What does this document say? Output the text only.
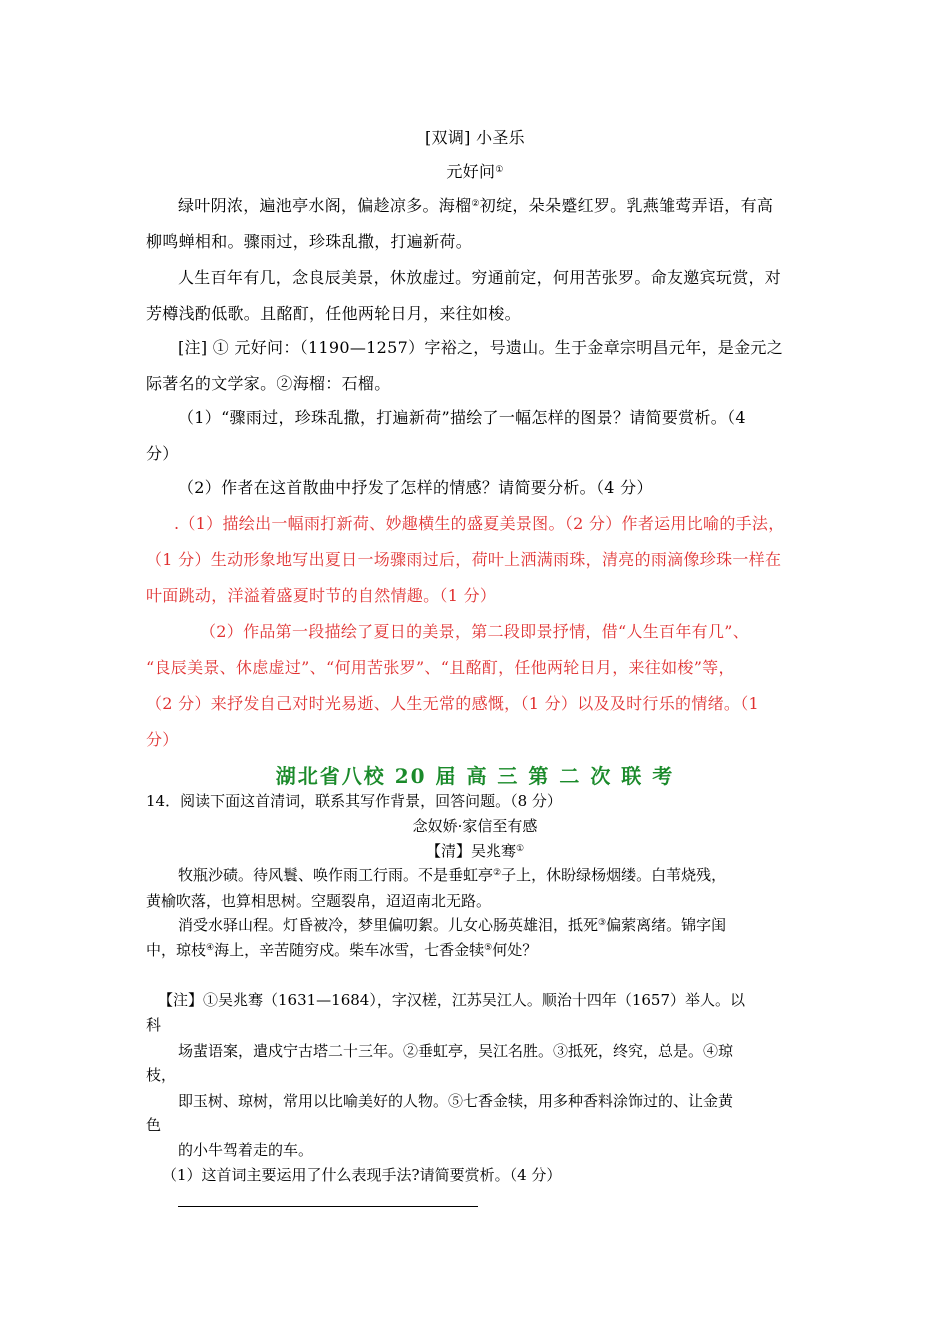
[双调] 小圣乐
元好问①
绿叶阴浓，遍池亭水阁，偏趁凉多。海榴②初绽，朵朵蹙红罗。乳燕雏莺弄语，有高
柳鸣蝉相和。骤雨过，珍珠乱撒，打遍新荷。
人生百年有几，念良辰美景，休放虚过。穷通前定，何用苦张罗。命友邀宾玩赏，对
芳樽浅酌低歌。且酩酊，任他两轮日月，来往如梭。
[注] ① 元好问：（1190—1257）字裕之，号遗山。生于金章宗明昌元年，是金元之
际著名的文学家。②海榴：石榴。
（1）“骤雨过，珍珠乱撒，打遍新荷”描绘了一幅怎样的图景？请简要赏析。（4
分）
（2）作者在这首散曲中抒发了怎样的情感？请简要分析。（4 分）
.（1）描绘出一幅雨打新荷、妙趣横生的盛夏美景图。（2 分）作者运用比喻的手法，
（1 分）生动形象地写出夏日一场骤雨过后，荷叶上洒满雨珠，清亮的雨滴像珍珠一样在
叶面跳动，洋溢着盛夏时节的自然情趣。（1 分）
（2）作品第一段描绘了夏日的美景，第二段即景抒情，借“人生百年有几”、
“良辰美景、休虑虚过”、“何用苦张罗”、“且酩酊，任他两轮日月，来往如梭”等，
（2 分）来抒发自己对时光易逝、人生无常的感慨，（1 分）以及及时行乐的情绪。（1
分）
湖北省八校 20 届 高 三 第 二 次 联 考
14．阅读下面这首清词，联系其写作背景，回答问题。（8 分）
念奴娇·家信至有感
【清】吴兆骞①
牧瓶沙碛。待风鬟、唤作雨工行雨。不是垂虹亭②子上，休盼绿杨烟缕。白苇烧残，
黄榆吹落，也算相思树。空题裂帛，迢迢南北无路。
消受水驿山程。灯昏被冷，梦里偏叨絮。儿女心肠英雄泪，抵死③偏萦离绪。锦字闺
中，琼枝④海上，辛苦随穷戍。柴车冰雪，七香金犊⑤何处？
【注】①吴兆骞（1631—1684），字汉槎，江苏吴江人。顺治十四年（1657）举人。以
科
场蜚语案，遣戍宁古塔二十三年。②垂虹亭，吴江名胜。③抵死，终究，总是。④琼
枝，
即玉树、琼树，常用以比喻美好的人物。⑤七香金犊，用多种香料涂饰过的、让金黄
色
的小牛驾着走的车。
（1）这首词主要运用了什么表现手法?请简要赏析。（4 分）
